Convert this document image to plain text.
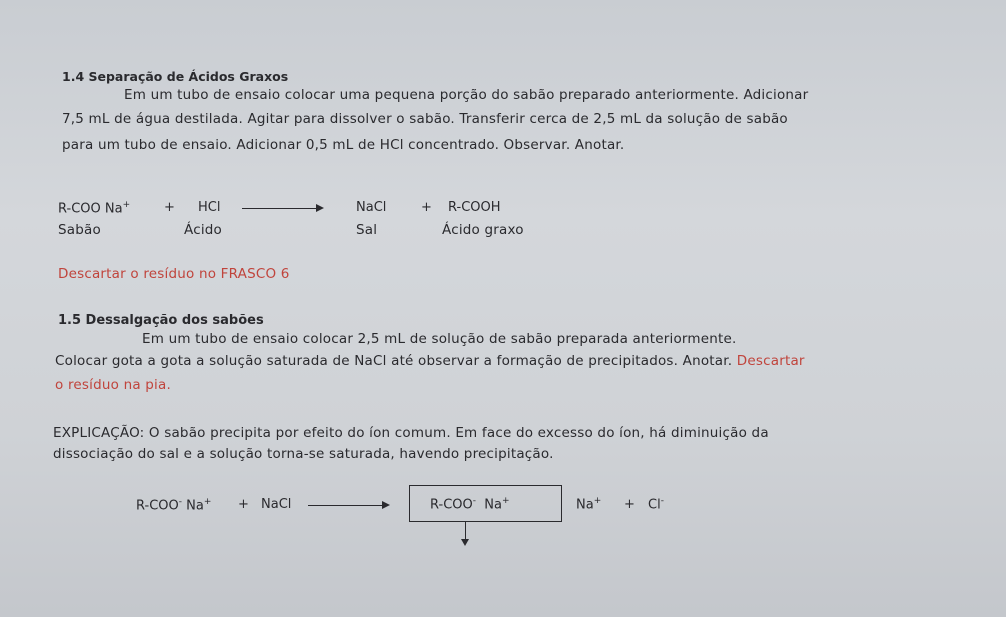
1.4 Separação de Ácidos Graxos
Em um tubo de ensaio colocar uma pequena porção do sabão preparado anteriormente. Adicionar
7,5 mL de água destilada. Agitar para dissolver o sabão. Transferir cerca de 2,5 mL da solução de sabão
para um tubo de ensaio. Adicionar 0,5 mL de HCl concentrado. Observar. Anotar.
R-COO Na+	+ HCl	NaCl	+ R-COOH
Sabão	Ácido	Sal	Ácido graxo
Descartar o resíduo no FRASCO 6
1.5 Dessalgação dos sabões
Em um tubo de ensaio colocar 2,5 mL de solução de sabão preparada anteriormente.
Colocar gota a gota a solução saturada de NaCl até observar a formação de precipitados. Anotar. Descartar
o resíduo na pia.
EXPLICAÇÃO: O sabão precipita por efeito do íon comum. Em face do excesso do íon, há diminuição da
dissociação do sal e a solução torna-se saturada, havendo precipitação.
R-COO- Na+ + NaCl	R-COO- Na+	Na+ + Cl-
